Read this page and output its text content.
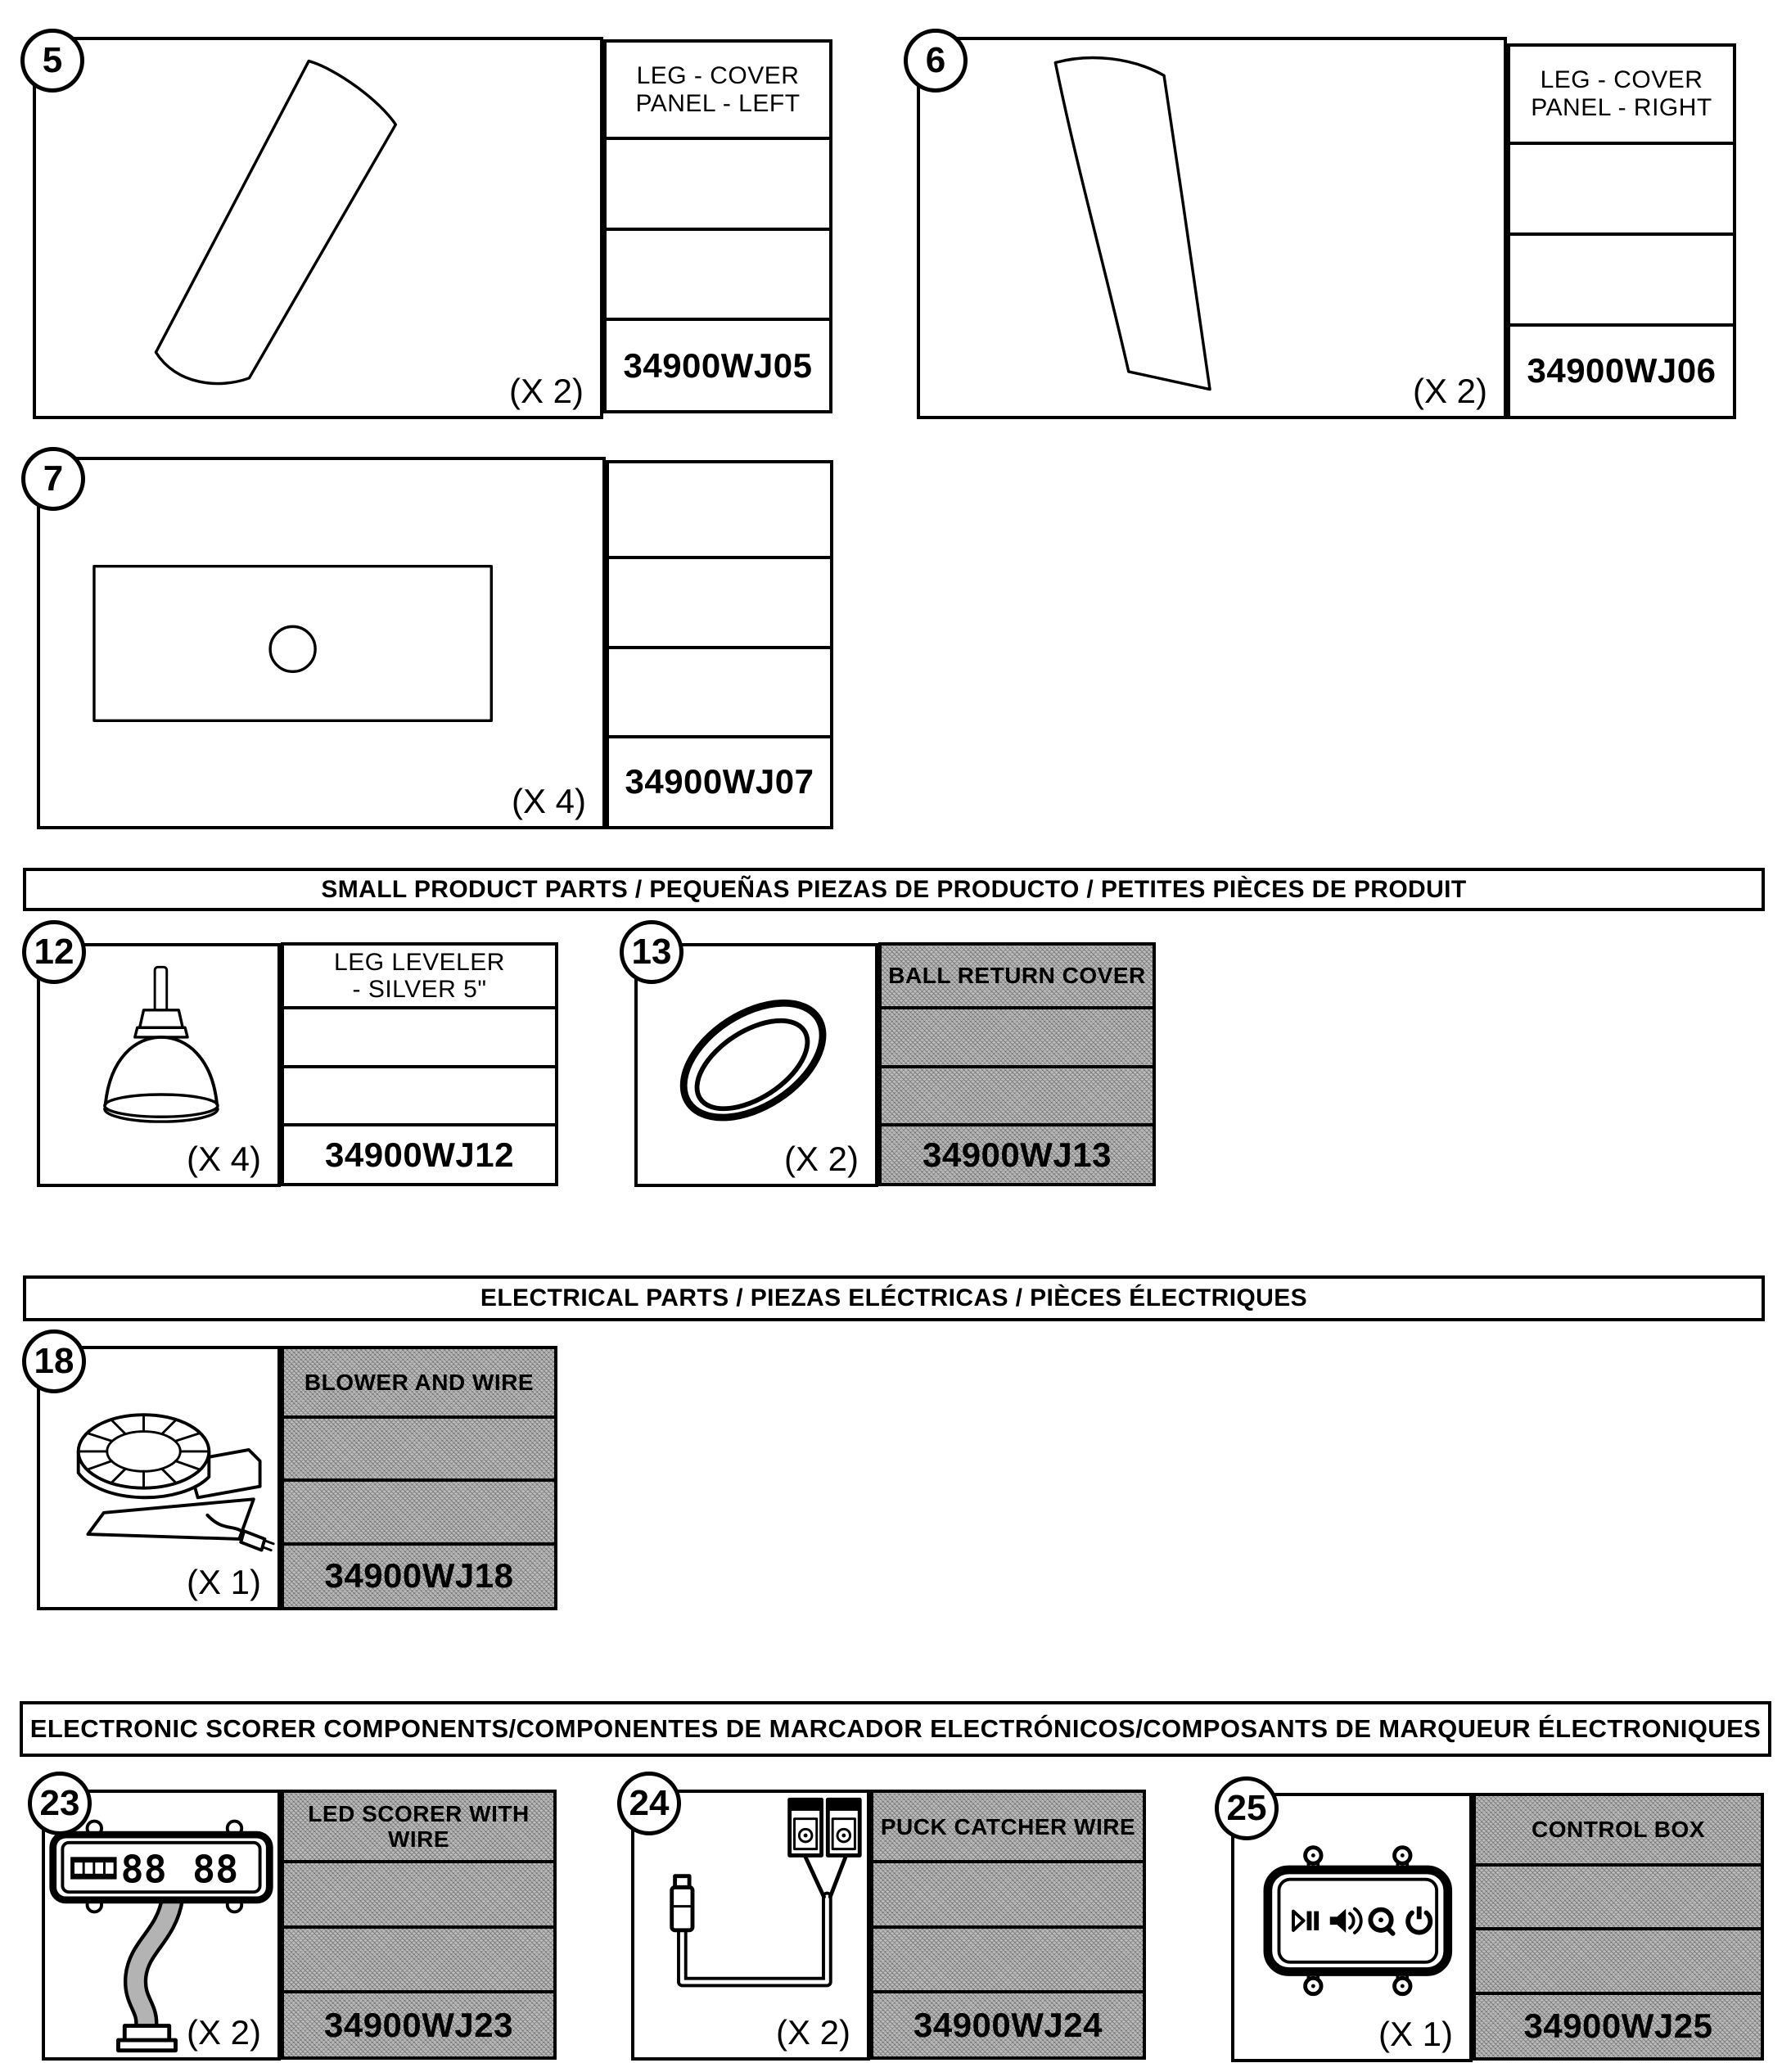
5
(X 2)
LEG - COVER
PANEL - LEFT
34900WJ05
6
(X 2)
LEG - COVER
PANEL - RIGHT
34900WJ06
7
(X 4)
34900WJ07
SMALL PRODUCT PARTS / PEQUEÑAS PIEZAS DE PRODUCTO / PETITES PIÈCES DE PRODUIT
12
(X 4)
LEG LEVELER
- SILVER 5"
34900WJ12
13
(X 2)
BALL RETURN COVER
34900WJ13
ELECTRICAL PARTS / PIEZAS ELÉCTRICAS / PIÈCES ÉLECTRIQUES
18
(X 1)
BLOWER AND WIRE
34900WJ18
ELECTRONIC SCORER COMPONENTS/COMPONENTES DE MARCADOR ELECTRÓNICOS/COMPOSANTS DE MARQUEUR ÉLECTRONIQUES
23
88 88
(X 2)
LED SCORER WITH
WIRE
34900WJ23
24
(X 2)
PUCK CATCHER WIRE
34900WJ24
25
(X 1)
CONTROL BOX
34900WJ25
